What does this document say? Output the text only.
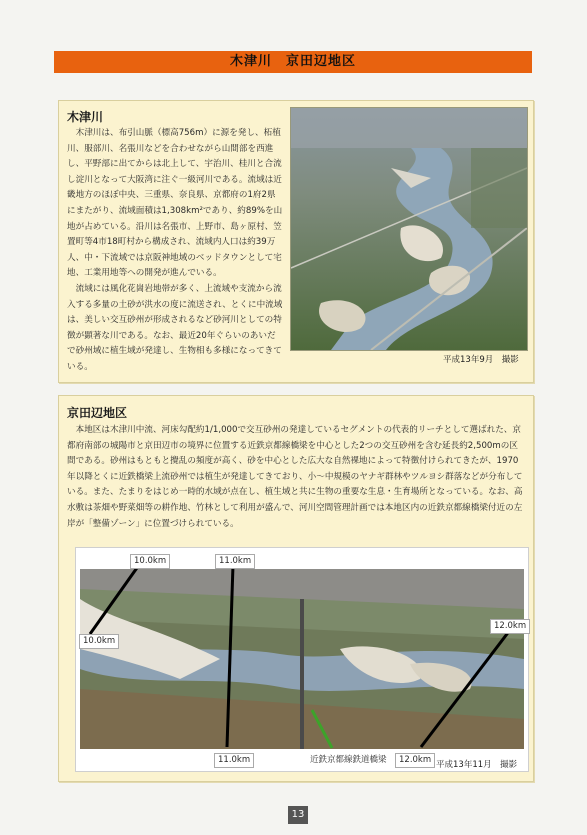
木津川　京田辺地区
木津川
　木津川は、布引山脈（標高756m）に源を発し、柘植川、服部川、名張川などを合わせながら山間部を西進し、平野部に出てからは北上して、宇治川、桂川と合流し淀川となって大阪湾に注ぐ一級河川である。流域は近畿地方のほぼ中央、三重県、奈良県、京都府の1府2県にまたがり、流域面積は1,308km²であり、約89%を山地が占めている。沿川は名張市、上野市、島ヶ原村、笠置町等4市18町村から構成され、流域内人口は約39万人、中・下流域では京阪神地域のベッドタウンとして宅地、工業用地等への開発が進んでいる。
　流域には風化花崗岩地帯が多く、上流域や支流から流入する多量の土砂が洪水の度に流送され、とくに中流域は、美しい交互砂州が形成されるなど砂河川としての特徴が顕著な川である。なお、最近20年ぐらいのあいだで砂州域に植生域が発達し、生物相も多様になってきている。
平成13年9月　撮影
京田辺地区
　本地区は木津川中流、河床勾配約1/1,000で交互砂州の発達しているセグメントの代表的リーチとして選ばれた、京都府南部の城陽市と京田辺市の境界に位置する近鉄京都線橋梁を中心とした2つの交互砂州を含む延長約2,500mの区間である。砂州はもともと攪乱の頻度が高く、砂を中心とした広大な自然裸地によって特徴付けられてきたが、1970年以降とくに近鉄橋梁上流砂州では植生が発達してきており、小～中規模のヤナギ群林やツルヨシ群落などが分布している。また、たまりをはじめ一時的水域が点在し、植生域と共に生物の重要な生息・生育場所となっている。なお、高水敷は茶畑や野菜畑等の耕作地、竹林として利用が盛んで、河川空間管理計画では本地区内の近鉄京都線橋梁付近の左岸が「整備ゾーン」に位置づけられている。
10.0km
10.0km
11.0km
11.0km
12.0km
12.0km
近鉄京都線鉄道橋梁	平成13年11月　撮影
13
